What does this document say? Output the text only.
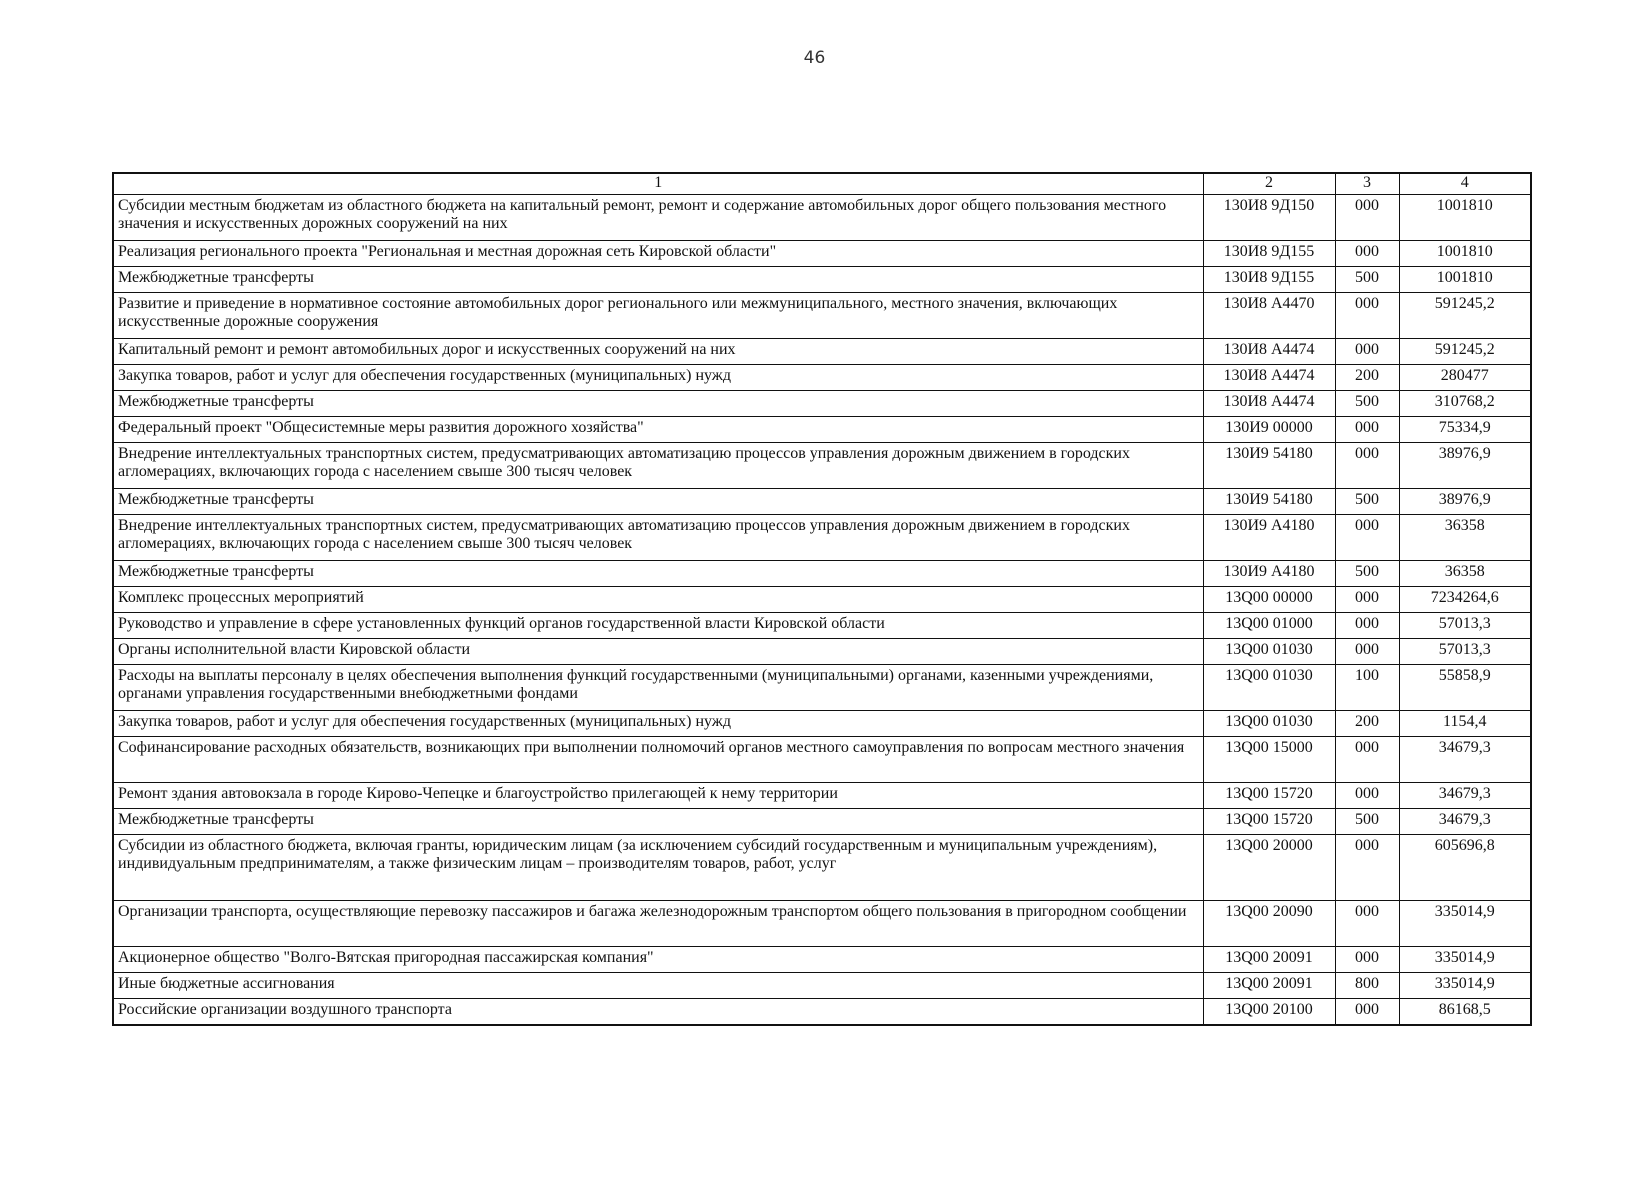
46
1	2	3	4
Субсидии местным бюджетам из областного бюджета на капитальный ремонт, ремонт и содержание автомобильных дорог общего пользования местного значения и искусственных дорожных сооружений на них	130И8 9Д150	000	1001810
Реализация регионального проекта "Региональная и местная дорожная сеть Кировской области"	130И8 9Д155	000	1001810
Межбюджетные трансферты	130И8 9Д155	500	1001810
Развитие и приведение в нормативное состояние автомобильных дорог регионального или межмуниципального, местного значения, включающих искусственные дорожные сооружения	130И8 А4470	000	591245,2
Капитальный ремонт и ремонт автомобильных дорог и искусственных сооружений на них	130И8 А4474	000	591245,2
Закупка товаров, работ и услуг для обеспечения государственных (муниципальных) нужд	130И8 А4474	200	280477
Межбюджетные трансферты	130И8 А4474	500	310768,2
Федеральный проект "Общесистемные меры развития дорожного хозяйства"	130И9 00000	000	75334,9
Внедрение интеллектуальных транспортных систем, предусматривающих автоматизацию процессов управления дорожным движением в городских агломерациях, включающих города с населением свыше 300 тысяч человек	130И9 54180	000	38976,9
Межбюджетные трансферты	130И9 54180	500	38976,9
Внедрение интеллектуальных транспортных систем, предусматривающих автоматизацию процессов управления дорожным движением в городских агломерациях, включающих города с населением свыше 300 тысяч человек	130И9 А4180	000	36358
Межбюджетные трансферты	130И9 А4180	500	36358
Комплекс процессных мероприятий	13Q00 00000	000	7234264,6
Руководство и управление в сфере установленных функций органов государственной власти Кировской области	13Q00 01000	000	57013,3
Органы исполнительной власти Кировской области	13Q00 01030	000	57013,3
Расходы на выплаты персоналу в целях обеспечения выполнения функций государственными (муниципальными) органами, казенными учреждениями, органами управления государственными внебюджетными фондами	13Q00 01030	100	55858,9
Закупка товаров, работ и услуг для обеспечения государственных (муниципальных) нужд	13Q00 01030	200	1154,4
Софинансирование расходных обязательств, возникающих при выполнении полномочий органов местного самоуправления по вопросам местного значения	13Q00 15000	000	34679,3
Ремонт здания автовокзала в городе Кирово-Чепецке и благоустройство прилегающей к нему территории	13Q00 15720	000	34679,3
Межбюджетные трансферты	13Q00 15720	500	34679,3
Субсидии из областного бюджета, включая гранты, юридическим лицам (за исключением субсидий государственным и муниципальным учреждениям), индивидуальным предпринимателям, а также физическим лицам – производителям товаров, работ, услуг	13Q00 20000	000	605696,8
Организации транспорта, осуществляющие перевозку пассажиров и багажа железнодорожным транспортом общего пользования в пригородном сообщении	13Q00 20090	000	335014,9
Акционерное общество "Волго-Вятская пригородная пассажирская компания"	13Q00 20091	000	335014,9
Иные бюджетные ассигнования	13Q00 20091	800	335014,9
Российские организации воздушного транспорта	13Q00 20100	000	86168,5
